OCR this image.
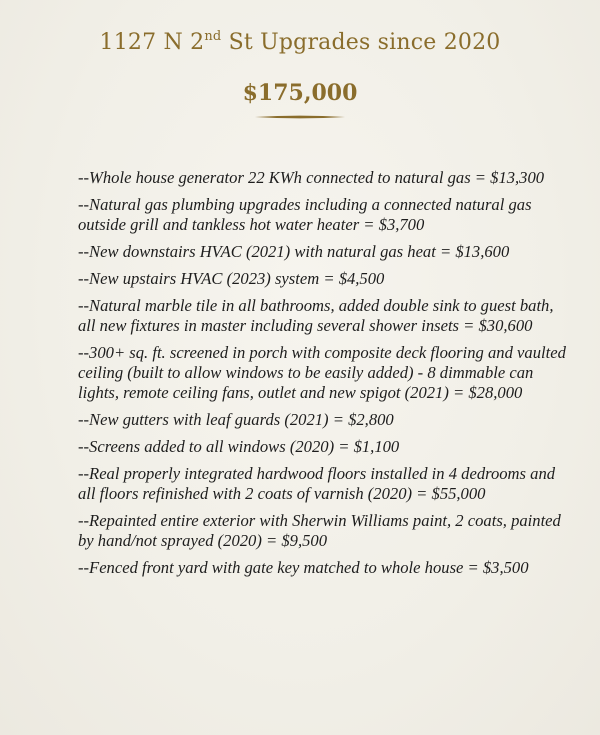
1127 N 2nd St Upgrades since 2020
$175,000
--Whole house generator 22 KWh connected to natural gas = $13,300
--Natural gas plumbing upgrades including a connected natural gas outside grill and tankless hot water heater = $3,700
--New downstairs HVAC (2021) with natural gas heat = $13,600
--New upstairs HVAC (2023) system = $4,500
--Natural marble tile in all bathrooms, added double sink to guest bath, all new fixtures in master including several shower insets = $30,600
--300+ sq. ft. screened in porch with composite deck flooring and vaulted ceiling (built to allow windows to be easily added) - 8 dimmable can lights, remote ceiling fans, outlet and new spigot (2021) = $28,000
--New gutters with leaf guards (2021) = $2,800
--Screens added to all windows (2020) = $1,100
--Real properly integrated hardwood floors installed in 4 dedrooms and all floors refinished with 2 coats of varnish (2020) = $55,000
--Repainted entire exterior with Sherwin Williams paint, 2 coats, painted by hand/not sprayed (2020) = $9,500
--Fenced front yard with gate key matched to whole house = $3,500
